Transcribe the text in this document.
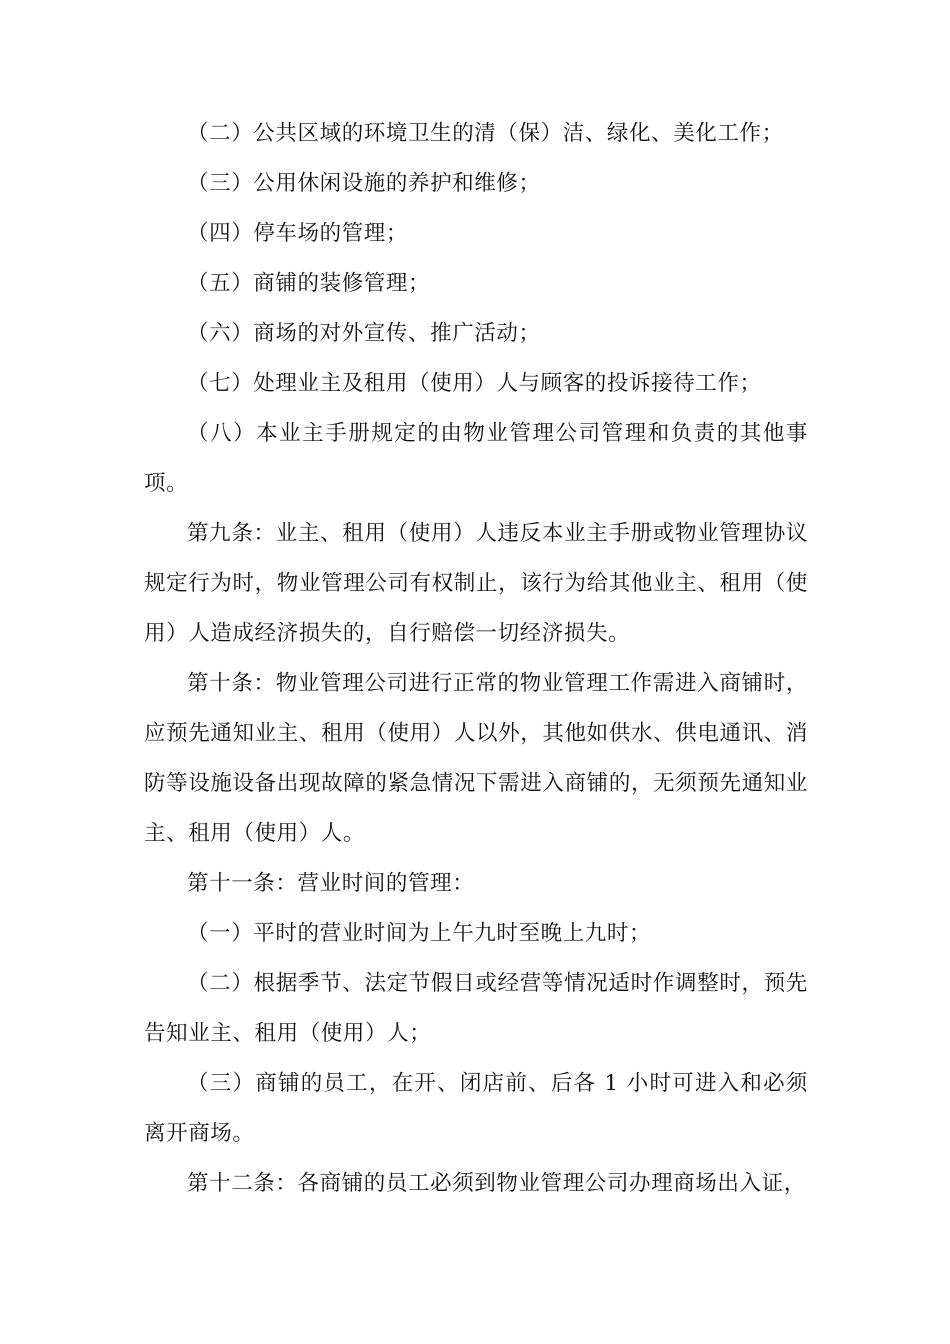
（二）公共区域的环境卫生的清（保）洁、绿化、美化工作；

（三）公用休闲设施的养护和维修；

（四）停车场的管理；

（五）商铺的装修管理；

（六）商场的对外宣传、推广活动；

（七）处理业主及租用（使用）人与顾客的投诉接待工作；

（八）本业主手册规定的由物业管理公司管理和负责的其他事项。

第九条：业主、租用（使用）人违反本业主手册或物业管理协议规定行为时，物业管理公司有权制止，该行为给其他业主、租用（使用）人造成经济损失的，自行赔偿一切经济损失。

第十条：物业管理公司进行正常的物业管理工作需进入商铺时，应预先通知业主、租用（使用）人以外，其他如供水、供电通讯、消防等设施设备出现故障的紧急情况下需进入商铺的，无须预先通知业主、租用（使用）人。

第十一条：营业时间的管理：

（一）平时的营业时间为上午九时至晚上九时；

（二）根据季节、法定节假日或经营等情况适时作调整时，预先告知业主、租用（使用）人；

（三）商铺的员工，在开、闭店前、后各 1 小时可进入和必须离开商场。

第十二条：各商铺的员工必须到物业管理公司办理商场出入证，
